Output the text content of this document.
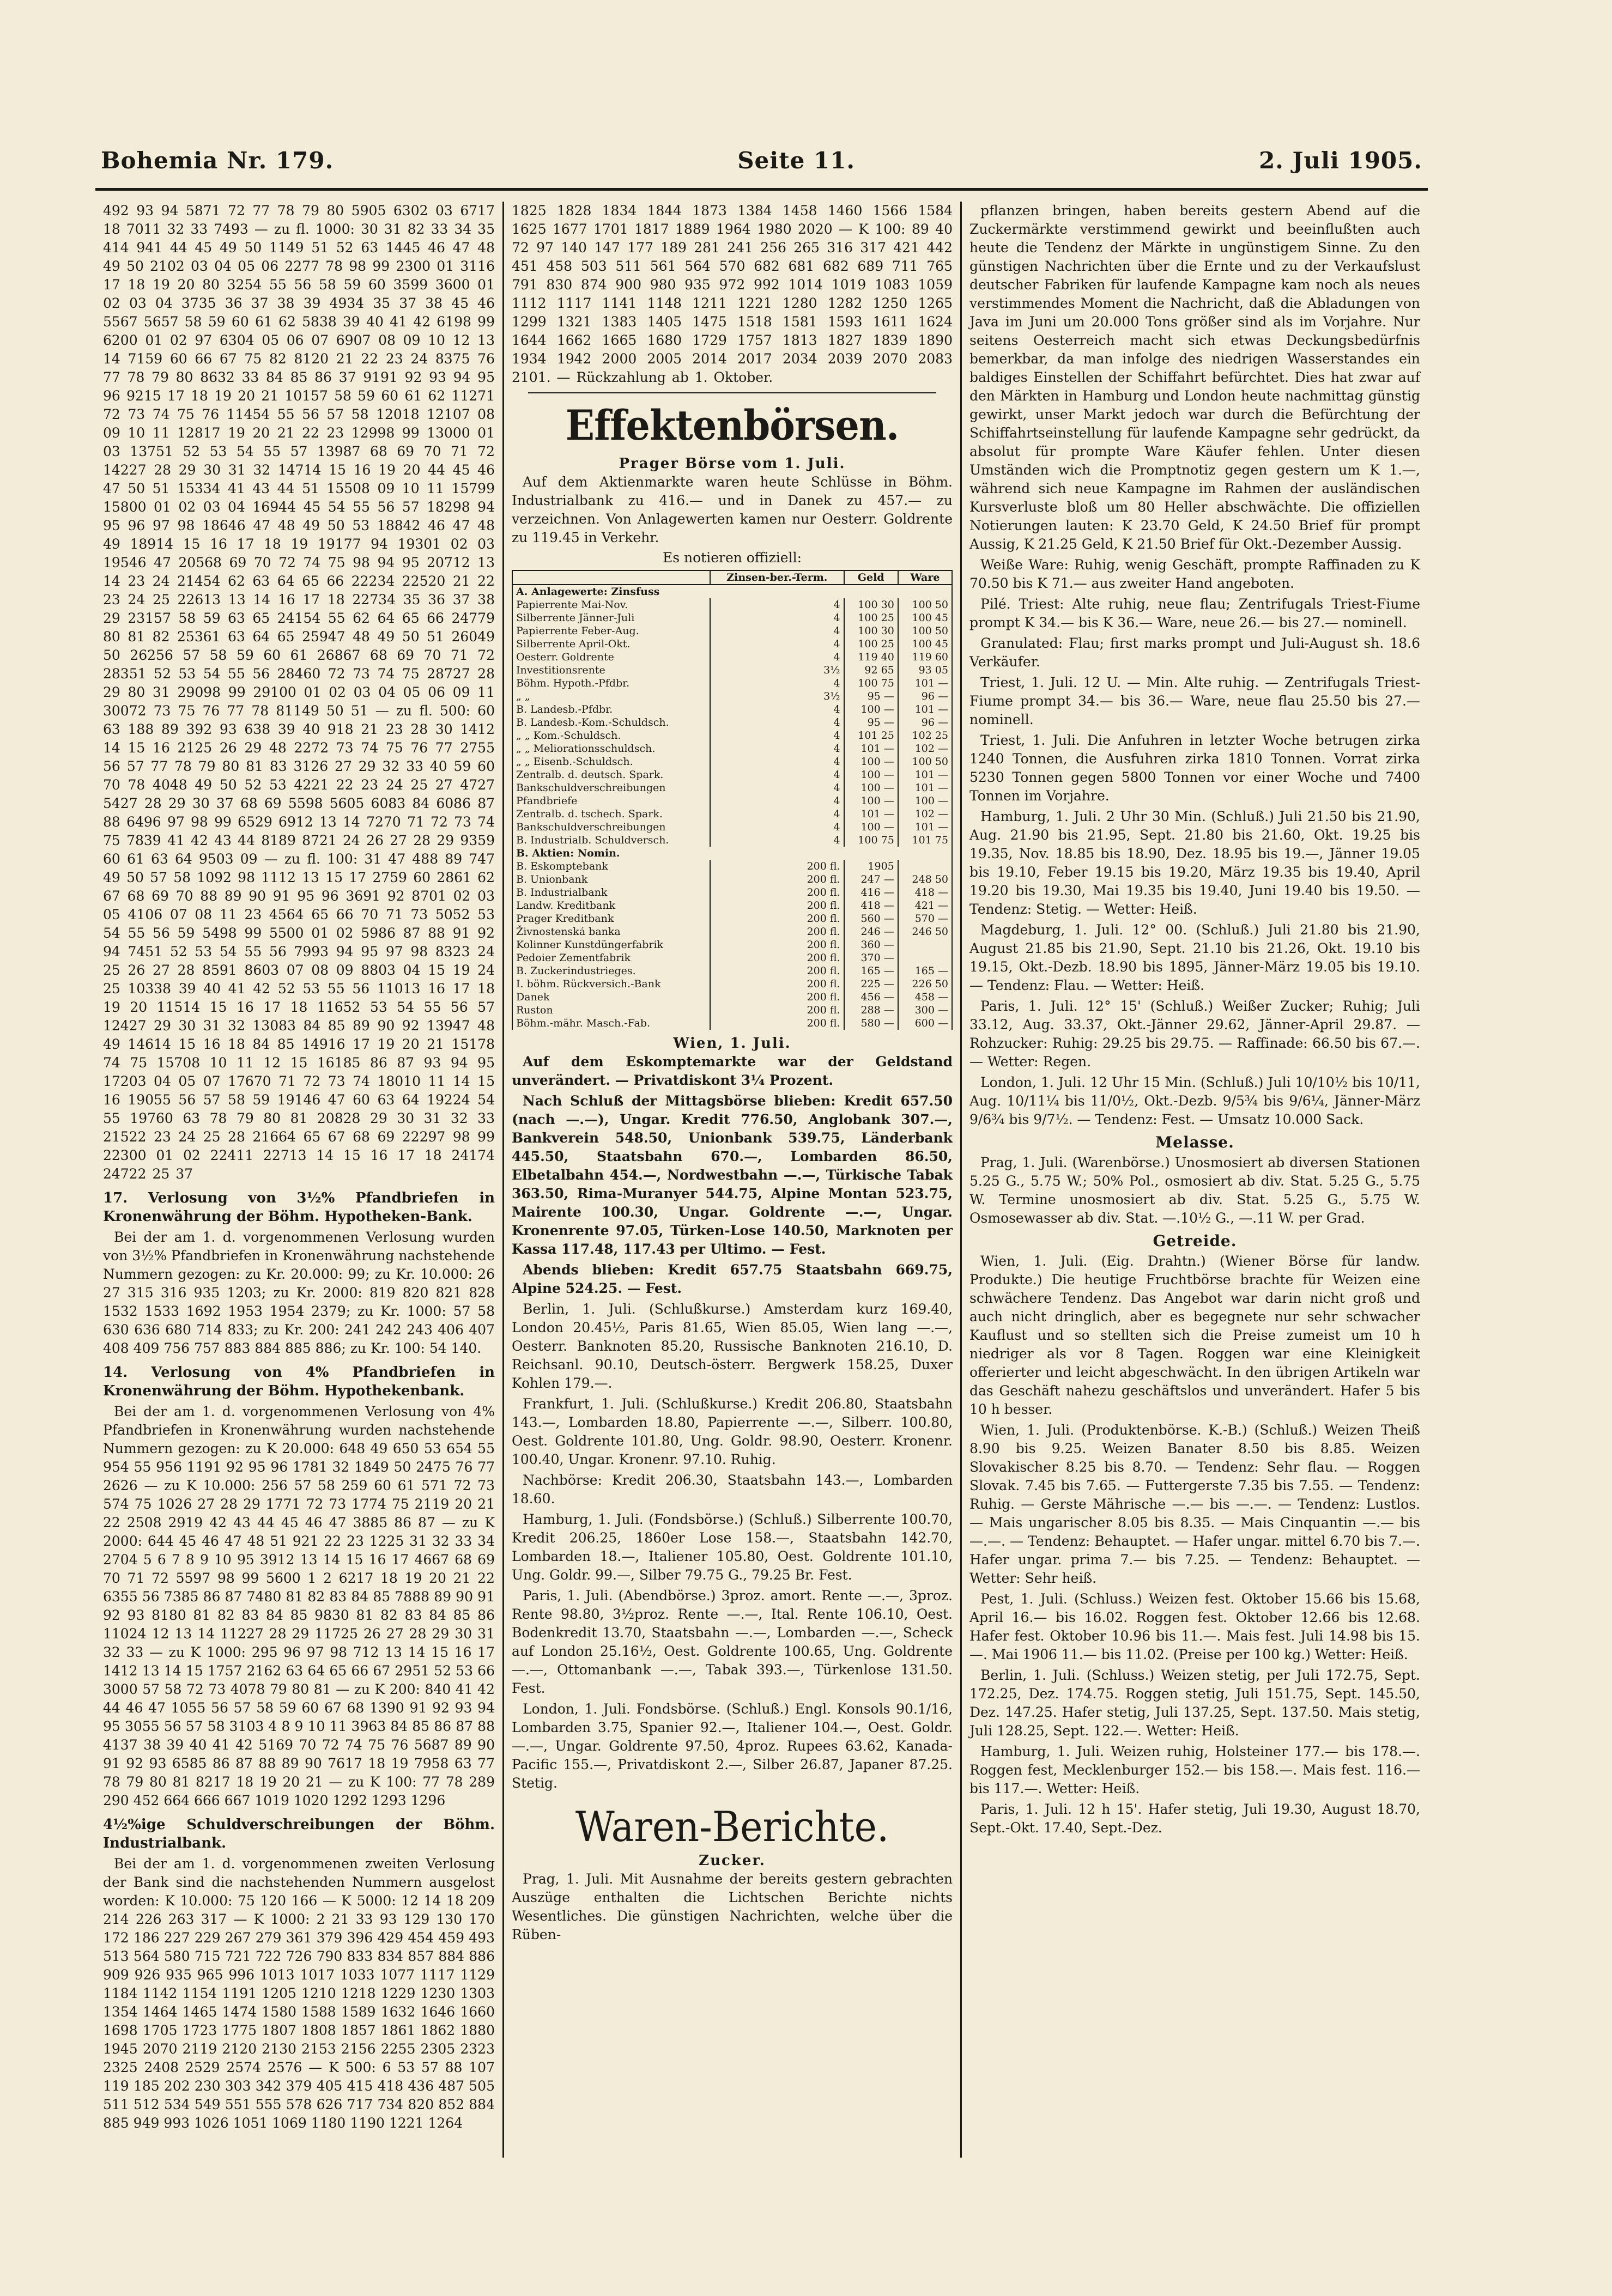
Bohemia Nr. 179.	Seite 11.	2. Juli 1905.
492 93 94 5871 72 77 78 79 80 5905 6302 03 6717 18 7011 32 33 7493 — zu fl. 1000: 30 31 82 33 34 35 414 941 44 45 49 50 1149 51 52 63 1445 46 47 48 49 50 2102 03 04 05 06 2277 78 98 99 2300 01 3116 17 18 19 20 80 3254 55 56 58 59 60 3599 3600 01 02 03 04 3735 36 37 38 39 4934 35 37 38 45 46 5567 5657 58 59 60 61 62 5838 39 40 41 42 6198 99 6200 01 02 97 6304 05 06 07 6907 08 09 10 12 13 14 7159 60 66 67 75 82 8120 21 22 23 24 8375 76 77 78 79 80 8632 33 84 85 86 37 9191 92 93 94 95 96 9215 17 18 19 20 21 10157 58 59 60 61 62 11271 72 73 74 75 76 11454 55 56 57 58 12018 12107 08 09 10 11 12817 19 20 21 22 23 12998 99 13000 01 03 13751 52 53 54 55 57 13987 68 69 70 71 72 14227 28 29 30 31 32 14714 15 16 19 20 44 45 46 47 50 51 15334 41 43 44 51 15508 09 10 11 15799 15800 01 02 03 04 16944 45 54 55 56 57 18298 94 95 96 97 98 18646 47 48 49 50 53 18842 46 47 48 49 18914 15 16 17 18 19 19177 94 19301 02 03 19546 47 20568 69 70 72 74 75 98 94 95 20712 13 14 23 24 21454 62 63 64 65 66 22234 22520 21 22 23 24 25 22613 13 14 16 17 18 22734 35 36 37 38 29 23157 58 59 63 65 24154 55 62 64 65 66 24779 80 81 82 25361 63 64 65 25947 48 49 50 51 26049 50 26256 57 58 59 60 61 26867 68 69 70 71 72 28351 52 53 54 55 56 28460 72 73 74 75 28727 28 29 80 31 29098 99 29100 01 02 03 04 05 06 09 11 30072 73 75 76 77 78 81149 50 51 — zu fl. 500: 60 63 188 89 392 93 638 39 40 918 21 23 28 30 1412 14 15 16 2125 26 29 48 2272 73 74 75 76 77 2755 56 57 77 78 79 80 81 83 3126 27 29 32 33 40 59 60 70 78 4048 49 50 52 53 4221 22 23 24 25 27 4727 5427 28 29 30 37 68 69 5598 5605 6083 84 6086 87 88 6496 97 98 99 6529 6912 13 14 7270 71 72 73 74 75 7839 41 42 43 44 8189 8721 24 26 27 28 29 9359 60 61 63 64 9503 09 — zu fl. 100: 31 47 488 89 747 49 50 57 58 1092 98 1112 13 15 17 2759 60 2861 62 67 68 69 70 88 89 90 91 95 96 3691 92 8701 02 03 05 4106 07 08 11 23 4564 65 66 70 71 73 5052 53 54 55 56 59 5498 99 5500 01 02 5986 87 88 91 92 94 7451 52 53 54 55 56 7993 94 95 97 98 8323 24 25 26 27 28 8591 8603 07 08 09 8803 04 15 19 24 25 10338 39 40 41 42 52 53 55 56 11013 16 17 18 19 20 11514 15 16 17 18 11652 53 54 55 56 57 12427 29 30 31 32 13083 84 85 89 90 92 13947 48 49 14614 15 16 18 84 85 14916 17 19 20 21 15178 74 75 15708 10 11 12 15 16185 86 87 93 94 95 17203 04 05 07 17670 71 72 73 74 18010 11 14 15 16 19055 56 57 58 59 19146 47 60 63 64 19224 54 55 19760 63 78 79 80 81 20828 29 30 31 32 33 21522 23 24 25 28 21664 65 67 68 69 22297 98 99 22300 01 02 22411 22713 14 15 16 17 18 24174 24722 25 37
17. Verlosung von 3½% Pfandbriefen in Kronenwährung der Böhm. Hypotheken-Bank.
Bei der am 1. d. vorgenommenen Verlosung wurden von 3½% Pfandbriefen in Kronenwährung nachstehende Nummern gezogen: zu Kr. 20.000: 99; zu Kr. 10.000: 26 27 315 316 935 1203; zu Kr. 2000: 819 820 821 828 1532 1533 1692 1953 1954 2379; zu Kr. 1000: 57 58 630 636 680 714 833; zu Kr. 200: 241 242 243 406 407 408 409 756 757 883 884 885 886; zu Kr. 100: 54 140.
14. Verlosung von 4% Pfandbriefen in Kronenwährung der Böhm. Hypothekenbank.
Bei der am 1. d. vorgenommenen Verlosung von 4% Pfandbriefen in Kronenwährung wurden nachstehende Nummern gezogen: zu K 20.000: 648 49 650 53 654 55 954 55 956 1191 92 95 96 1781 32 1849 50 2475 76 77 2626 — zu K 10.000: 256 57 58 259 60 61 571 72 73 574 75 1026 27 28 29 1771 72 73 1774 75 2119 20 21 22 2508 2919 42 43 44 45 46 47 3885 86 87 — zu K 2000: 644 45 46 47 48 51 921 22 23 1225 31 32 33 34 2704 5 6 7 8 9 10 95 3912 13 14 15 16 17 4667 68 69 70 71 72 5597 98 99 5600 1 2 6217 18 19 20 21 22 6355 56 7385 86 87 7480 81 82 83 84 85 7888 89 90 91 92 93 8180 81 82 83 84 85 9830 81 82 83 84 85 86 11024 12 13 14 11227 28 29 11725 26 27 28 29 30 31 32 33 — zu K 1000: 295 96 97 98 712 13 14 15 16 17 1412 13 14 15 1757 2162 63 64 65 66 67 2951 52 53 66 3000 57 58 72 73 4078 79 80 81 — zu K 200: 840 41 42 44 46 47 1055 56 57 58 59 60 67 68 1390 91 92 93 94 95 3055 56 57 58 3103 4 8 9 10 11 3963 84 85 86 87 88 4137 38 39 40 41 42 5169 70 72 74 75 76 5687 89 90 91 92 93 6585 86 87 88 89 90 7617 18 19 7958 63 77 78 79 80 81 8217 18 19 20 21 — zu K 100: 77 78 289 290 452 664 666 667 1019 1020 1292 1293 1296
4½%ige Schuldverschreibungen der Böhm. Industrialbank.
Bei der am 1. d. vorgenommenen zweiten Verlosung der Bank sind die nachstehenden Nummern ausgelost worden: K 10.000: 75 120 166 — K 5000: 12 14 18 209 214 226 263 317 — K 1000: 2 21 33 93 129 130 170 172 186 227 229 267 279 361 379 396 429 454 459 493 513 564 580 715 721 722 726 790 833 834 857 884 886 909 926 935 965 996 1013 1017 1033 1077 1117 1129 1184 1142 1154 1191 1205 1210 1218 1229 1230 1303 1354 1464 1465 1474 1580 1588 1589 1632 1646 1660 1698 1705 1723 1775 1807 1808 1857 1861 1862 1880 1945 2070 2119 2120 2130 2153 2156 2255 2305 2323 2325 2408 2529 2574 2576 — K 500: 6 53 57 88 107 119 185 202 230 303 342 379 405 415 418 436 487 505 511 512 534 549 551 555 578 626 717 734 820 852 884 885 949 993 1026 1051 1069 1180 1190 1221 1264
1825 1828 1834 1844 1873 1384 1458 1460 1566 1584 1625 1677 1701 1817 1889 1964 1980 2020 — K 100: 89 40 72 97 140 147 177 189 281 241 256 265 316 317 421 442 451 458 503 511 561 564 570 682 681 682 689 711 765 791 830 874 900 980 935 972 992 1014 1019 1083 1059 1112 1117 1141 1148 1211 1221 1280 1282 1250 1265 1299 1321 1383 1405 1475 1518 1581 1593 1611 1624 1644 1662 1665 1680 1729 1757 1813 1827 1839 1890 1934 1942 2000 2005 2014 2017 2034 2039 2070 2083 2101. — Rückzahlung ab 1. Oktober.
Effektenbörsen.
Prager Börse vom 1. Juli.
Auf dem Aktienmarkte waren heute Schlüsse in Böhm. Industrialbank zu 416.— und in Danek zu 457.— zu verzeichnen. Von Anlagewerten kamen nur Oesterr. Goldrente zu 119.45 in Verkehr.
Es notieren offiziell:
	Zinsen-ber.-Term.	Geld	Ware
A. Anlagewerte: Zinsfuss			
Papierrente Mai-Nov.	4	100 30	100 50
Silberrente Jänner-Juli	4	100 25	100 45
Papierrente Feber-Aug.	4	100 30	100 50
Silberrente April-Okt.	4	100 25	100 45
Oesterr. Goldrente	4	119 40	119 60
Investitionsrente	3½	92 65	93 05
Böhm. Hypoth.-Pfdbr.	4	100 75	101 —
„ „	3½	95 —	96 —
B. Landesb.-Pfdbr.	4	100 —	101 —
B. Landesb.-Kom.-Schuldsch.	4	95 —	96 —
„ „ Kom.-Schuldsch.	4	101 25	102 25
„ „ Meliorationsschuldsch.	4	101 —	102 —
„ „ Eisenb.-Schuldsch.	4	100 —	100 50
Zentralb. d. deutsch. Spark.	4	100 —	101 —
Bankschuldverschreibungen	4	100 —	101 —
Pfandbriefe	4	100 —	100 —
Zentralb. d. tschech. Spark.	4	101 —	102 —
Bankschuldverschreibungen	4	100 —	101 —
B. Industrialb. Schuldversch.	4	100 75	101 75
B. Aktien: Nomin.			
B. Eskomptebank	200 fl.	1905	
B. Unionbank	200 fl.	247 —	248 50
B. Industrialbank	200 fl.	416 —	418 —
Landw. Kreditbank	200 fl.	418 —	421 —
Prager Kreditbank	200 fl.	560 —	570 —
Živnostenská banka	200 fl.	246 —	246 50
Kolinner Kunstdüngerfabrik	200 fl.	360 —	
Pedoier Zementfabrik	200 fl.	370 —	
B. Zuckerindustrieges.	200 fl.	165 —	165 —
I. böhm. Rückversich.-Bank	200 fl.	225 —	226 50
Danek	200 fl.	456 —	458 —
Ruston	200 fl.	288 —	300 —
Böhm.-mähr. Masch.-Fab.	200 fl.	580 —	600 —
Wien, 1. Juli.
Auf dem Eskomptemarkte war der Geldstand unverändert. — Privatdiskont 3¼ Prozent.
Nach Schluß der Mittagsbörse blieben: Kredit 657.50 (nach —.—), Ungar. Kredit 776.50, Anglobank 307.—, Bankverein 548.50, Unionbank 539.75, Länderbank 445.50, Staatsbahn 670.—, Lombarden 86.50, Elbetalbahn 454.—, Nordwestbahn —.—, Türkische Tabak 363.50, Rima-Muranyer 544.75, Alpine Montan 523.75, Mairente 100.30, Ungar. Goldrente —.—, Ungar. Kronenrente 97.05, Türken-Lose 140.50, Marknoten per Kassa 117.48, 117.43 per Ultimo. — Fest.
Abends blieben: Kredit 657.75 Staatsbahn 669.75, Alpine 524.25. — Fest.
Berlin, 1. Juli. (Schlußkurse.) Amsterdam kurz 169.40, London 20.45½, Paris 81.65, Wien 85.05, Wien lang —.—, Oesterr. Banknoten 85.20, Russische Banknoten 216.10, D. Reichsanl. 90.10, Deutsch-österr. Bergwerk 158.25, Duxer Kohlen 179.—.
Frankfurt, 1. Juli. (Schlußkurse.) Kredit 206.80, Staatsbahn 143.—, Lombarden 18.80, Papierrente —.—, Silberr. 100.80, Oest. Goldrente 101.80, Ung. Goldr. 98.90, Oesterr. Kronenr. 100.40, Ungar. Kronenr. 97.10. Ruhig.
Nachbörse: Kredit 206.30, Staatsbahn 143.—, Lombarden 18.60.
Hamburg, 1. Juli. (Fondsbörse.) (Schluß.) Silberrente 100.70, Kredit 206.25, 1860er Lose 158.—, Staatsbahn 142.70, Lombarden 18.—, Italiener 105.80, Oest. Goldrente 101.10, Ung. Goldr. 99.—, Silber 79.75 G., 79.25 Br. Fest.
Paris, 1. Juli. (Abendbörse.) 3proz. amort. Rente —.—, 3proz. Rente 98.80, 3½proz. Rente —.—, Ital. Rente 106.10, Oest. Bodenkredit 13.70, Staatsbahn —.—, Lombarden —.—, Scheck auf London 25.16½, Oest. Goldrente 100.65, Ung. Goldrente —.—, Ottomanbank —.—, Tabak 393.—, Türkenlose 131.50. Fest.
London, 1. Juli. Fondsbörse. (Schluß.) Engl. Konsols 90.1/16, Lombarden 3.75, Spanier 92.—, Italiener 104.—, Oest. Goldr. —.—, Ungar. Goldrente 97.50, 4proz. Rupees 63.62, Kanada-Pacific 155.—, Privatdiskont 2.—, Silber 26.87, Japaner 87.25. Stetig.
Waren-Berichte.
Zucker.
Prag, 1. Juli. Mit Ausnahme der bereits gestern gebrachten Auszüge enthalten die Lichtschen Berichte nichts Wesentliches. Die günstigen Nachrichten, welche über die Rüben-
pflanzen bringen, haben bereits gestern Abend auf die Zuckermärkte verstimmend gewirkt und beeinflußten auch heute die Tendenz der Märkte in ungünstigem Sinne. Zu den günstigen Nachrichten über die Ernte und zu der Verkaufslust deutscher Fabriken für laufende Kampagne kam noch als neues verstimmendes Moment die Nachricht, daß die Abladungen von Java im Juni um 20.000 Tons größer sind als im Vorjahre. Nur seitens Oesterreich macht sich etwas Deckungsbedürfnis bemerkbar, da man infolge des niedrigen Wasserstandes ein baldiges Einstellen der Schiffahrt befürchtet. Dies hat zwar auf den Märkten in Hamburg und London heute nachmittag günstig gewirkt, unser Markt jedoch war durch die Befürchtung der Schiffahrtseinstellung für laufende Kampagne sehr gedrückt, da absolut für prompte Ware Käufer fehlen. Unter diesen Umständen wich die Promptnotiz gegen gestern um K 1.—, während sich neue Kampagne im Rahmen der ausländischen Kursverluste bloß um 80 Heller abschwächte. Die offiziellen Notierungen lauten: K 23.70 Geld, K 24.50 Brief für prompt Aussig, K 21.25 Geld, K 21.50 Brief für Okt.-Dezember Aussig.
Weiße Ware: Ruhig, wenig Geschäft, prompte Raffinaden zu K 70.50 bis K 71.— aus zweiter Hand angeboten.
Pilé. Triest: Alte ruhig, neue flau; Zentrifugals Triest-Fiume prompt K 34.— bis K 36.— Ware, neue 26.— bis 27.— nominell.
Granulated: Flau; first marks prompt und Juli-August sh. 18.6 Verkäufer.
Triest, 1. Juli. 12 U. — Min. Alte ruhig. — Zentrifugals Triest-Fiume prompt 34.— bis 36.— Ware, neue flau 25.50 bis 27.— nominell.
Triest, 1. Juli. Die Anfuhren in letzter Woche betrugen zirka 1240 Tonnen, die Ausfuhren zirka 1810 Tonnen. Vorrat zirka 5230 Tonnen gegen 5800 Tonnen vor einer Woche und 7400 Tonnen im Vorjahre.
Hamburg, 1. Juli. 2 Uhr 30 Min. (Schluß.) Juli 21.50 bis 21.90, Aug. 21.90 bis 21.95, Sept. 21.80 bis 21.60, Okt. 19.25 bis 19.35, Nov. 18.85 bis 18.90, Dez. 18.95 bis 19.—, Jänner 19.05 bis 19.10, Feber 19.15 bis 19.20, März 19.35 bis 19.40, April 19.20 bis 19.30, Mai 19.35 bis 19.40, Juni 19.40 bis 19.50. — Tendenz: Stetig. — Wetter: Heiß.
Magdeburg, 1. Juli. 12° 00. (Schluß.) Juli 21.80 bis 21.90, August 21.85 bis 21.90, Sept. 21.10 bis 21.26, Okt. 19.10 bis 19.15, Okt.-Dezb. 18.90 bis 1895, Jänner-März 19.05 bis 19.10. — Tendenz: Flau. — Wetter: Heiß.
Paris, 1. Juli. 12° 15' (Schluß.) Weißer Zucker; Ruhig; Juli 33.12, Aug. 33.37, Okt.-Jänner 29.62, Jänner-April 29.87. — Rohzucker: Ruhig: 29.25 bis 29.75. — Raffinade: 66.50 bis 67.—. — Wetter: Regen.
London, 1. Juli. 12 Uhr 15 Min. (Schluß.) Juli 10/10½ bis 10/11, Aug. 10/11¼ bis 11/0½, Okt.-Dezb. 9/5¾ bis 9/6¼, Jänner-März 9/6¾ bis 9/7½. — Tendenz: Fest. — Umsatz 10.000 Sack.
Melasse.
Prag, 1. Juli. (Warenbörse.) Unosmosiert ab diversen Stationen 5.25 G., 5.75 W.; 50% Pol., osmosiert ab div. Stat. 5.25 G., 5.75 W. Termine unosmosiert ab div. Stat. 5.25 G., 5.75 W. Osmosewasser ab div. Stat. —.10½ G., —.11 W. per Grad.
Getreide.
Wien, 1. Juli. (Eig. Drahtn.) (Wiener Börse für landw. Produkte.) Die heutige Fruchtbörse brachte für Weizen eine schwächere Tendenz. Das Angebot war darin nicht groß und auch nicht dringlich, aber es begegnete nur sehr schwacher Kauflust und so stellten sich die Preise zumeist um 10 h niedriger als vor 8 Tagen. Roggen war eine Kleinigkeit offerierter und leicht abgeschwächt. In den übrigen Artikeln war das Geschäft nahezu geschäftslos und unverändert. Hafer 5 bis 10 h besser.
Wien, 1. Juli. (Produktenbörse. K.-B.) (Schluß.) Weizen Theiß 8.90 bis 9.25. Weizen Banater 8.50 bis 8.85. Weizen Slovakischer 8.25 bis 8.70. — Tendenz: Sehr flau. — Roggen Slovak. 7.45 bis 7.65. — Futtergerste 7.35 bis 7.55. — Tendenz: Ruhig. — Gerste Mährische —.— bis —.—. — Tendenz: Lustlos. — Mais ungarischer 8.05 bis 8.35. — Mais Cinquantin —.— bis —.—. — Tendenz: Behauptet. — Hafer ungar. mittel 6.70 bis 7.—. Hafer ungar. prima 7.— bis 7.25. — Tendenz: Behauptet. — Wetter: Sehr heiß.
Pest, 1. Juli. (Schluss.) Weizen fest. Oktober 15.66 bis 15.68, April 16.— bis 16.02. Roggen fest. Oktober 12.66 bis 12.68. Hafer fest. Oktober 10.96 bis 11.—. Mais fest. Juli 14.98 bis 15.—. Mai 1906 11.— bis 11.02. (Preise per 100 kg.) Wetter: Heiß.
Berlin, 1. Juli. (Schluss.) Weizen stetig, per Juli 172.75, Sept. 172.25, Dez. 174.75. Roggen stetig, Juli 151.75, Sept. 145.50, Dez. 147.25. Hafer stetig, Juli 137.25, Sept. 137.50. Mais stetig, Juli 128.25, Sept. 122.—. Wetter: Heiß.
Hamburg, 1. Juli. Weizen ruhig, Holsteiner 177.— bis 178.—. Roggen fest, Mecklenburger 152.— bis 158.—. Mais fest. 116.— bis 117.—. Wetter: Heiß.
Paris, 1. Juli. 12 h 15'. Hafer stetig, Juli 19.30, August 18.70, Sept.-Okt. 17.40, Sept.-Dez.
